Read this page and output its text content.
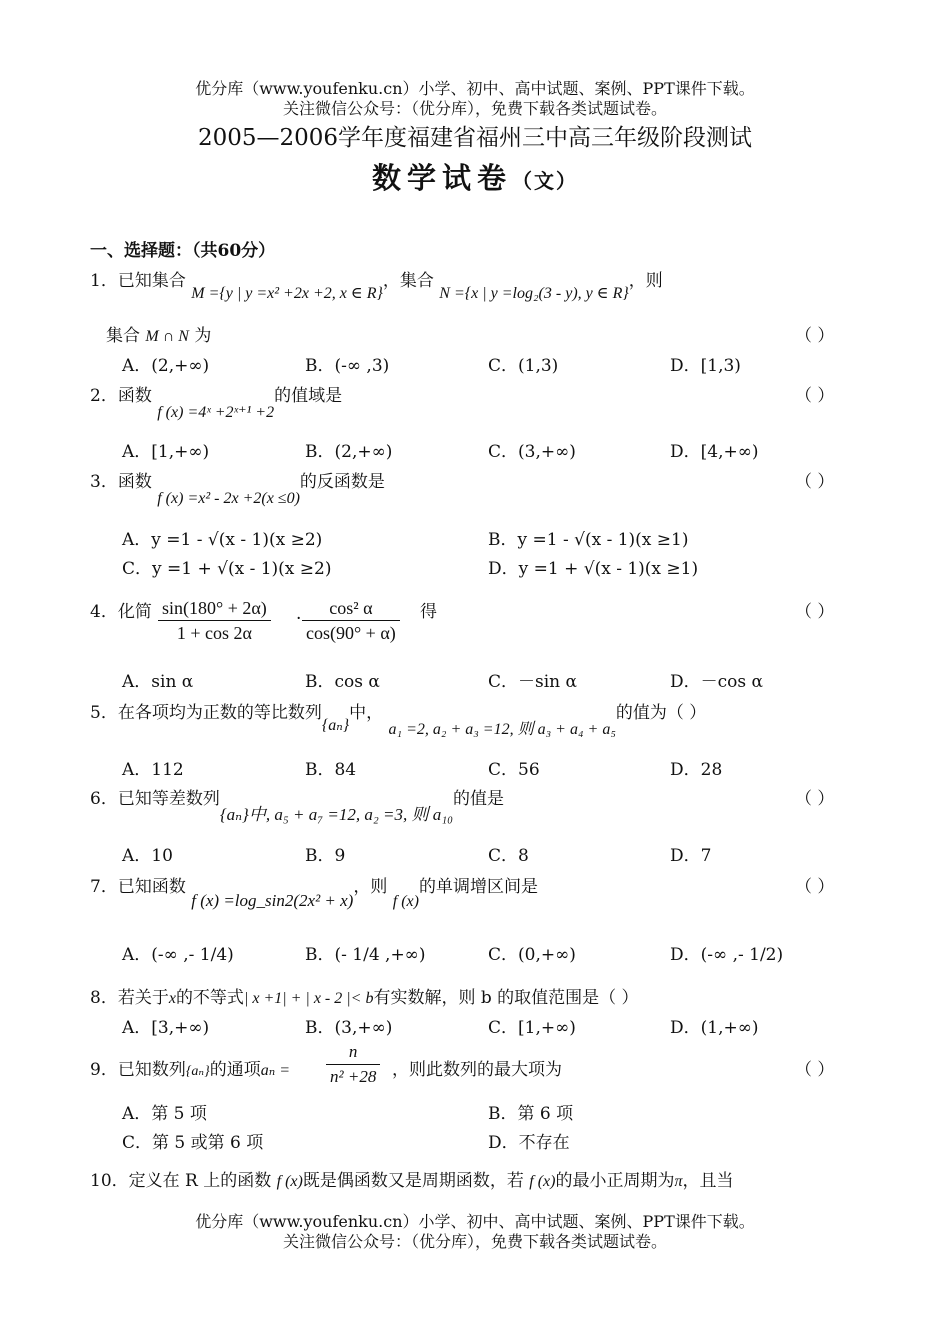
优分库（www.youfenku.cn）小学、初中、高中试题、案例、PPT课件下载。
关注微信公众号：（优分库），免费下载各类试题试卷。
2005—2006学年度福建省福州三中高三年级阶段测试
数学试卷（文）
一、选择题：（共60分）
1．已知集合 M ={y | y =x² +2x +2, x ∈ R}，集合 N ={x | y =log₂(3 - y), y ∈ R}，则
集合 M ∩ N 为	（ ）
A．(2,+∞)	B．(-∞ ,3)	C．(1,3)	D．[1,3)
2．函数 f (x) =4ˣ +2ˣ⁺¹ +2的值域是	（ ）
A．[1,+∞)	B．(2,+∞)	C．(3,+∞)	D．[4,+∞)
3．函数 f (x) =x² - 2x +2(x ≤0)的反函数是	（ ）
A．y =1 - √(x - 1)(x ≥2)	B．y =1 - √(x - 1)(x ≥1)
C．y =1 + √(x - 1)(x ≥2)	D．y =1 + √(x - 1)(x ≥1)
4．化简 $\frac{\sin(180^\circ + 2\alpha)}{1 + \cos 2\alpha} \cdot \frac{\text{cos² α}}{\cos(90^\circ + \alpha)}$ 得	（ ）
A．sin α	B．cos α	C．－sin α	D．－cos α
5．在各项均为正数的等比数列{aₙ}中， a₁ =2, a₂ + a₃ =12, 则 a₃ + a₄ + a₅的值为（ ）
A．112	B．84	C．56	D．28
6．已知等差数列{aₙ}中, a₅ + a₇ =12, a₂ =3, 则 a₁₀的值是	（ ）
A．10	B．9	C．8	D．7
7．已知函数 f (x) =log_sin2(2x² + x)，则 f (x)的单调增区间是	（ ）
A．(-∞ ,- 1/4)	B．(- 1/4 ,+∞)	C．(0,+∞)	D．(-∞ ,- 1/2)
8．若关于x的不等式| x +1| + | x - 2 |< b有实数解，则 b 的取值范围是（ ）
A．[3,+∞)	B．(3,+∞)	C．[1,+∞)	D．(1,+∞)
9．已知数列{aₙ}的通项$a_n = \frac{n}{\text{n² +28}}$ ，则此数列的最大项为	（ ）
A．第 5 项	B．第 6 项
C．第 5 或第 6 项	D．不存在
10．定义在 R 上的函数 f (x)既是偶函数又是周期函数，若 f (x)的最小正周期为π，且当
优分库（www.youfenku.cn）小学、初中、高中试题、案例、PPT课件下载。
关注微信公众号：（优分库），免费下载各类试题试卷。
